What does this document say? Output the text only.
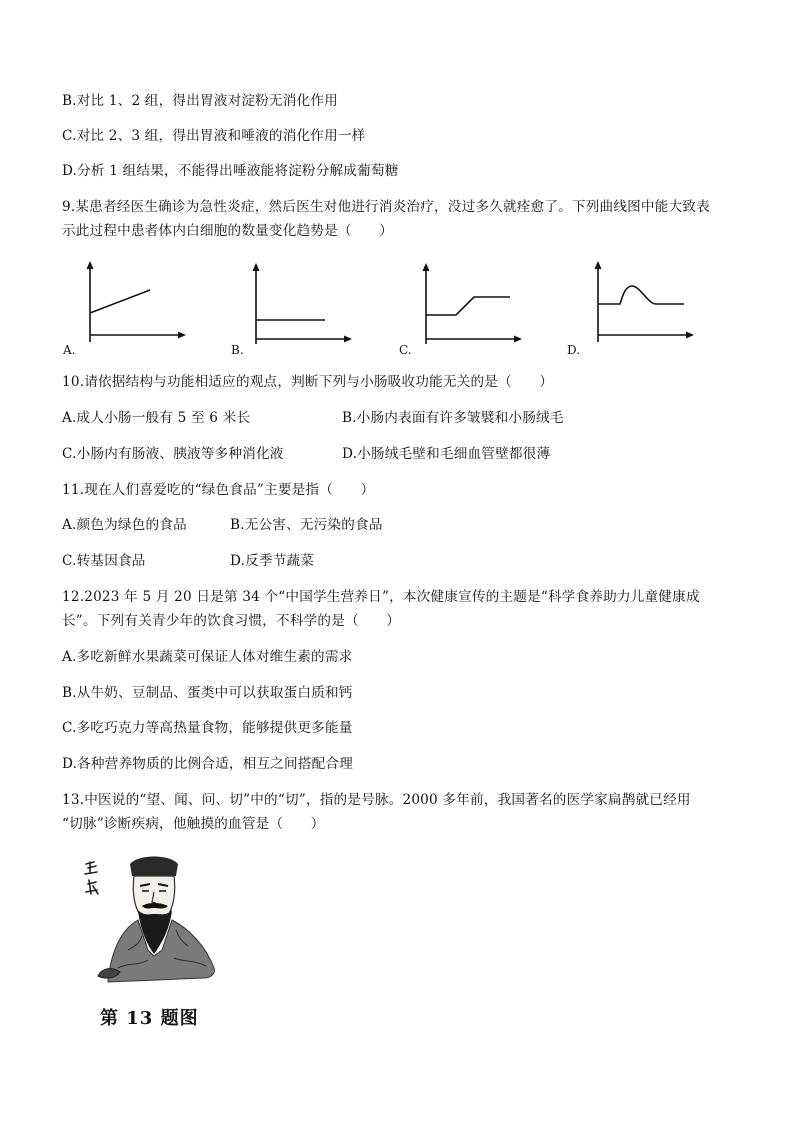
B.对比 1、2 组，得出胃液对淀粉无消化作用
C.对比 2、3 组，得出胃液和唾液的消化作用一样
D.分析 1 组结果，不能得出唾液能将淀粉分解成葡萄糖
9.某患者经医生确诊为急性炎症，然后医生对他进行消炎治疗，没过多久就痊愈了。下列曲线图中能大致表
示此过程中患者体内白细胞的数量变化趋势是（　　）
A.	B.	C.	D.
10.请依据结构与功能相适应的观点，判断下列与小肠吸收功能无关的是（　　）
A.成人小肠一般有 5 至 6 米长	B.小肠内表面有许多皱襞和小肠绒毛
C.小肠内有肠液、胰液等多种消化液	D.小肠绒毛壁和毛细血管壁都很薄
11.现在人们喜爱吃的“绿色食品”主要是指（　　）
A.颜色为绿色的食品	B.无公害、无污染的食品
C.转基因食品	D.反季节蔬菜
12.2023 年 5 月 20 日是第 34 个“中国学生营养日”，本次健康宣传的主题是“科学食养助力儿童健康成
长”。下列有关青少年的饮食习惯，不科学的是（　　）
A.多吃新鲜水果蔬菜可保证人体对维生素的需求
B.从牛奶、豆制品、蛋类中可以获取蛋白质和钙
C.多吃巧克力等高热量食物，能够提供更多能量
D.各种营养物质的比例合适，相互之间搭配合理
13.中医说的“望、闻、问、切”中的“切”，指的是号脉。2000 多年前，我国著名的医学家扁鹊就已经用
“切脉”诊断疾病，他触摸的血管是（　　）
第 13 题图
